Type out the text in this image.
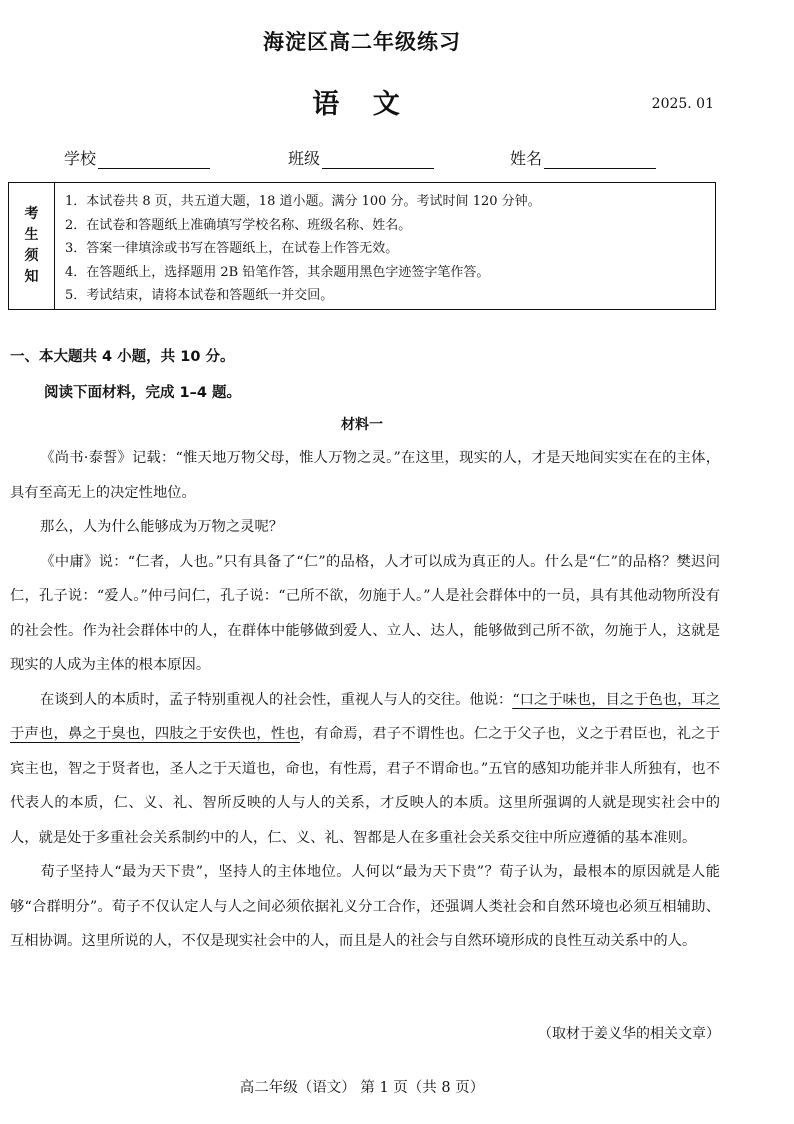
海淀区高二年级练习
语 文	2025. 01
学校	班级	姓名
考
生
须
知
1．本试卷共 8 页，共五道大题，18 道小题。满分 100 分。考试时间 120 分钟。
2．在试卷和答题纸上准确填写学校名称、班级名称、姓名。
3．答案一律填涂或书写在答题纸上，在试卷上作答无效。
4．在答题纸上，选择题用 2B 铅笔作答，其余题用黑色字迹签字笔作答。
5．考试结束，请将本试卷和答题纸一并交回。
一、本大题共 4 小题，共 10 分。
阅读下面材料，完成 1–4 题。
材料一

《尚书·泰誓》记载：“惟天地万物父母，惟人万物之灵。”在这里，现实的人，才是天地间实实在在的主体，具有至高无上的决定性地位。

那么，人为什么能够成为万物之灵呢？

《中庸》说：“仁者，人也。”只有具备了“仁”的品格，人才可以成为真正的人。什么是“仁”的品格？樊迟问仁，孔子说：“爱人。”仲弓问仁，孔子说：“己所不欲，勿施于人。”人是社会群体中的一员，具有其他动物所没有的社会性。作为社会群体中的人，在群体中能够做到爱人、立人、达人，能够做到己所不欲，勿施于人，这就是现实的人成为主体的根本原因。

在谈到人的本质时，孟子特别重视人的社会性，重视人与人的交往。他说：“口之于味也，目之于色也，耳之于声也，鼻之于臭也，四肢之于安佚也，性也，有命焉，君子不谓性也。仁之于父子也，义之于君臣也，礼之于宾主也，智之于贤者也，圣人之于天道也，命也，有性焉，君子不谓命也。”五官的感知功能并非人所独有，也不代表人的本质，仁、义、礼、智所反映的人与人的关系，才反映人的本质。这里所强调的人就是现实社会中的人，就是处于多重社会关系制约中的人，仁、义、礼、智都是人在多重社会关系交往中所应遵循的基本准则。

荀子坚持人“最为天下贵”，坚持人的主体地位。人何以“最为天下贵”？荀子认为，最根本的原因就是人能够“合群明分”。荀子不仅认定人与人之间必须依据礼义分工合作，还强调人类社会和自然环境也必须互相辅助、互相协调。这里所说的人，不仅是现实社会中的人，而且是人的社会与自然环境形成的良性互动关系中的人。

（取材于姜义华的相关文章）
高二年级（语文） 第 1 页（共 8 页）
